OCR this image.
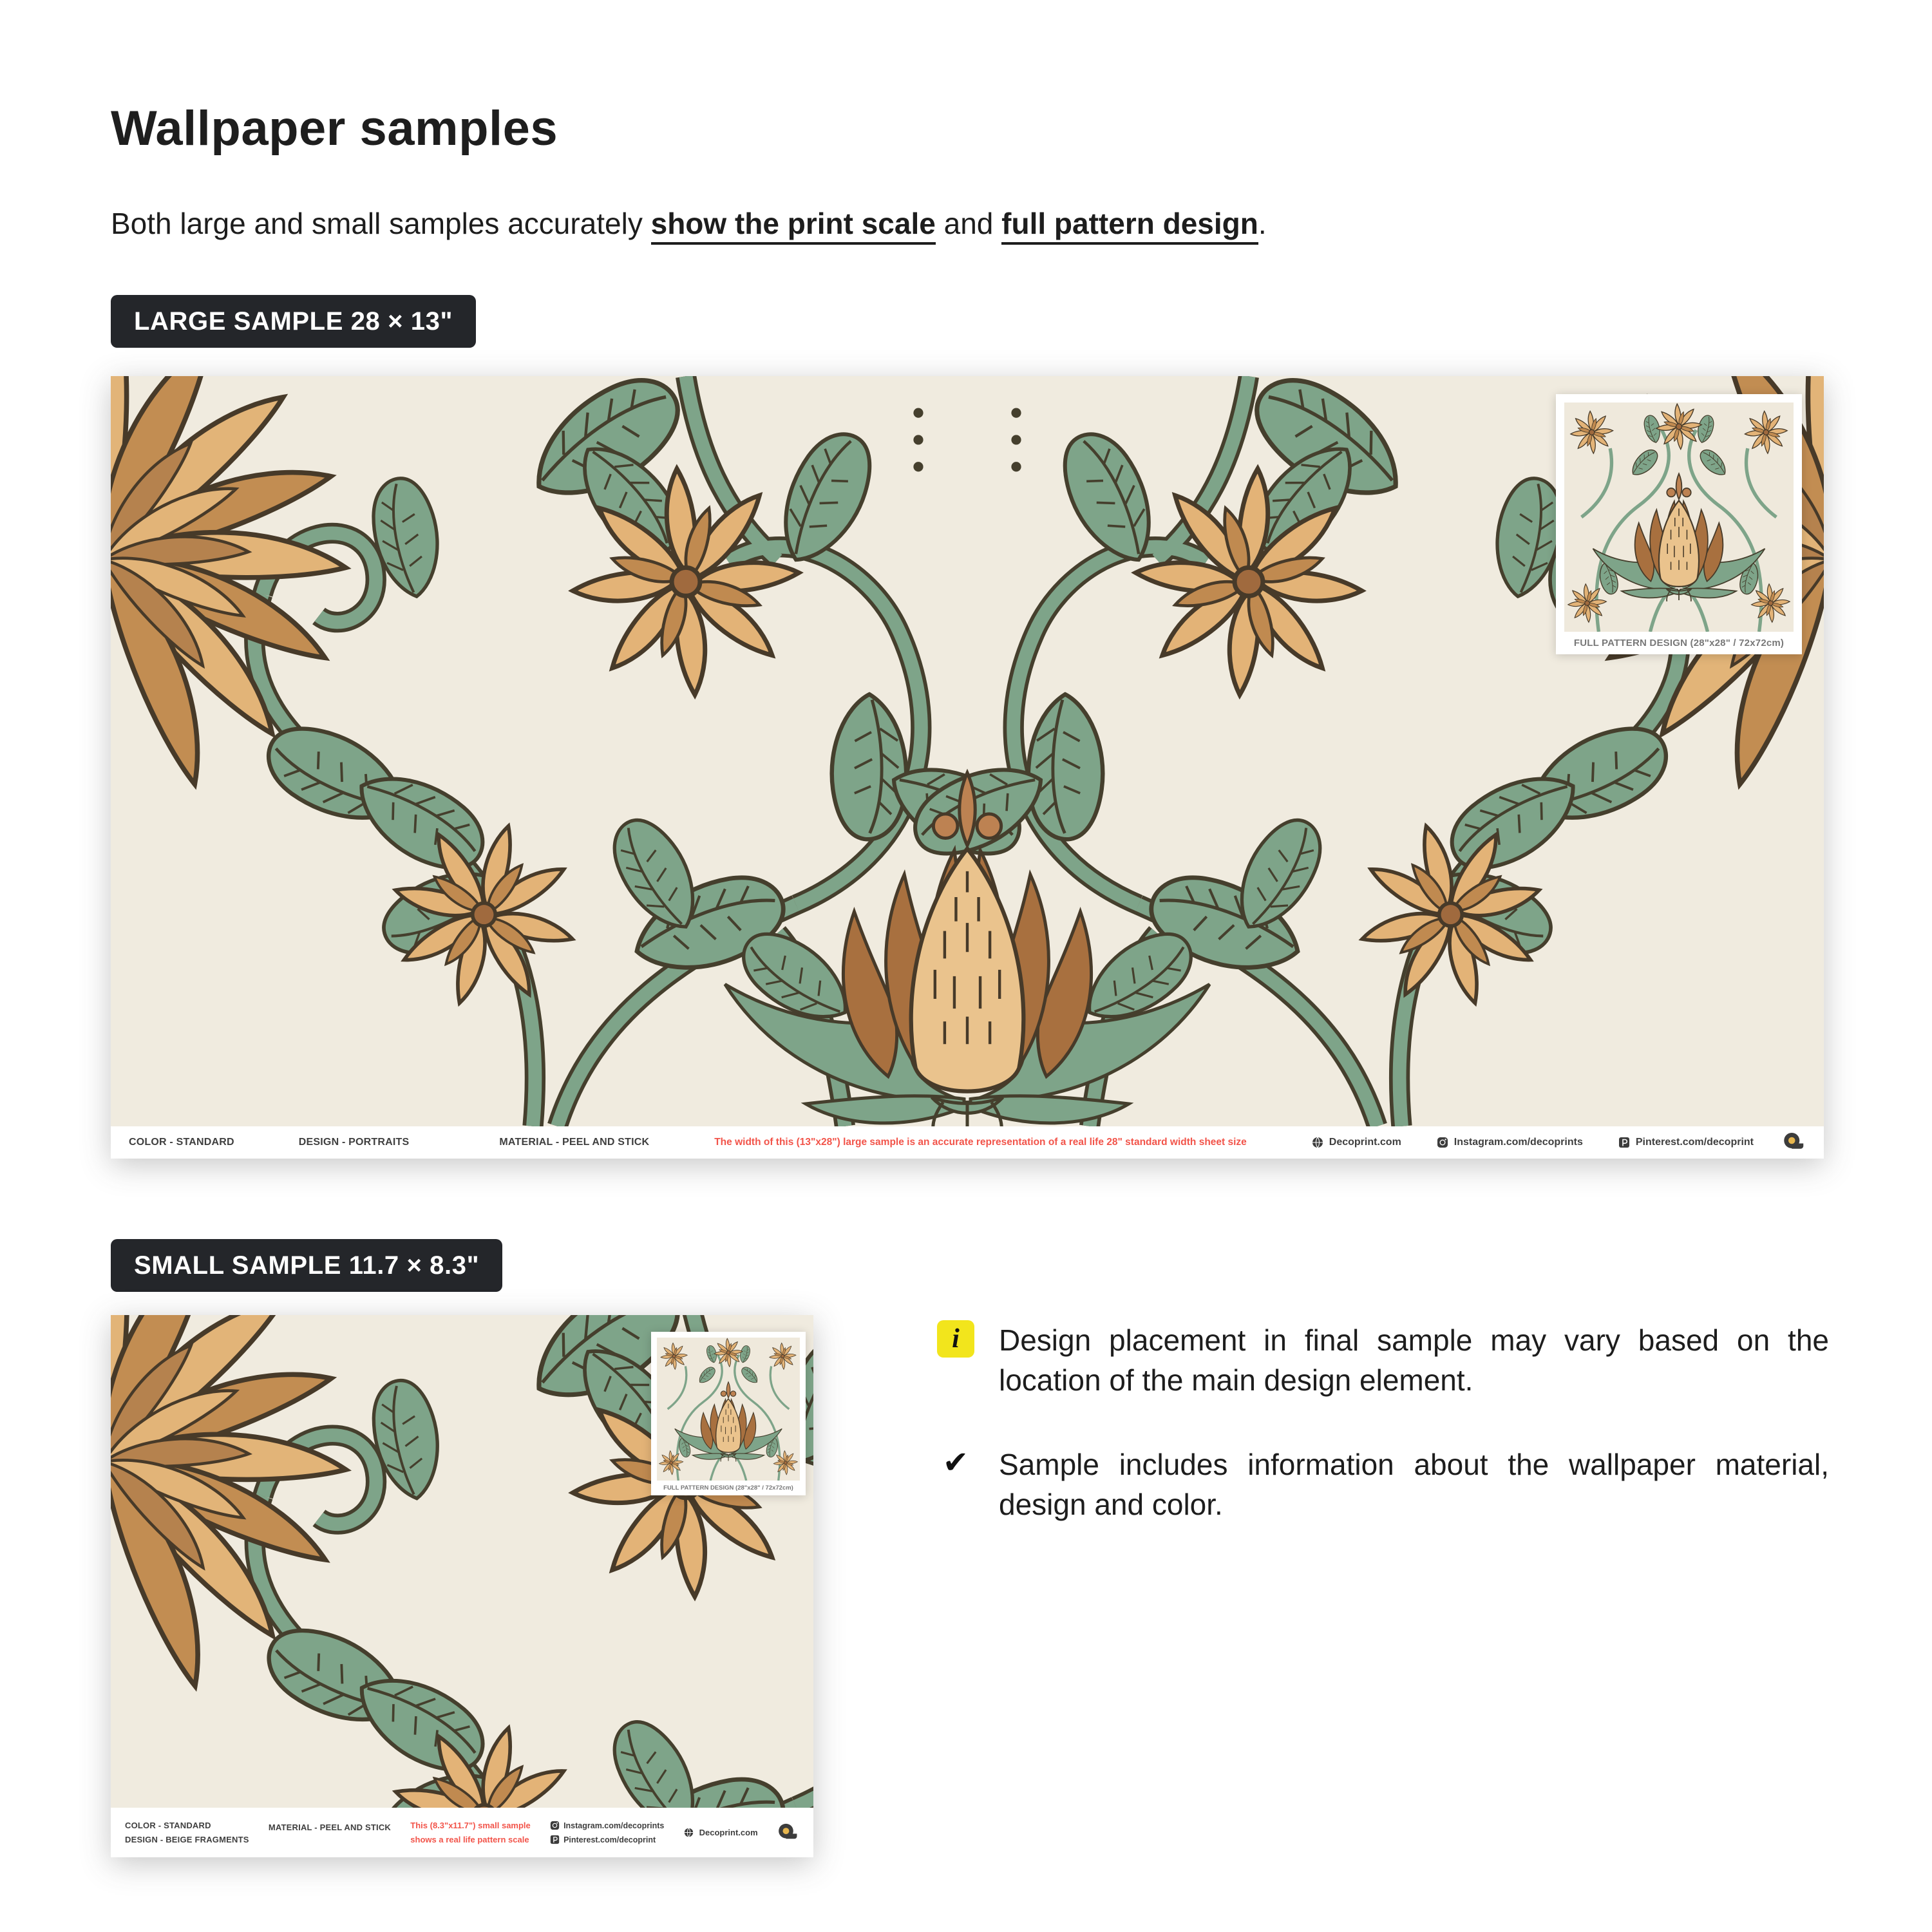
Wallpaper samples
Both large and small samples accurately show the print scale and full pattern design.
LARGE SAMPLE 28 × 13"
FULL PATTERN DESIGN (28"x28" / 72x72cm)
COLOR - STANDARD	DESIGN - PORTRAITS	MATERIAL - PEEL AND STICK	The width of this (13"x28") large sample is an accurate representation of a real life 28" standard width sheet size	Decoprint.com	Instagram.com/decoprints	Pinterest.com/decoprint
SMALL SAMPLE 11.7 × 8.3"
FULL PATTERN DESIGN (28"x28" / 72x72cm)
COLOR - STANDARD
DESIGN - BEIGE FRAGMENTS
MATERIAL - PEEL AND STICK This (8.3"x11.7") small sample
shows a real life pattern scale
Instagram.com/decoprints
Pinterest.com/decoprint
Decoprint.com
i	Design placement in final sample may vary based on the location of the main design element.
✔ Sample includes information about the wallpaper material, design and color.
